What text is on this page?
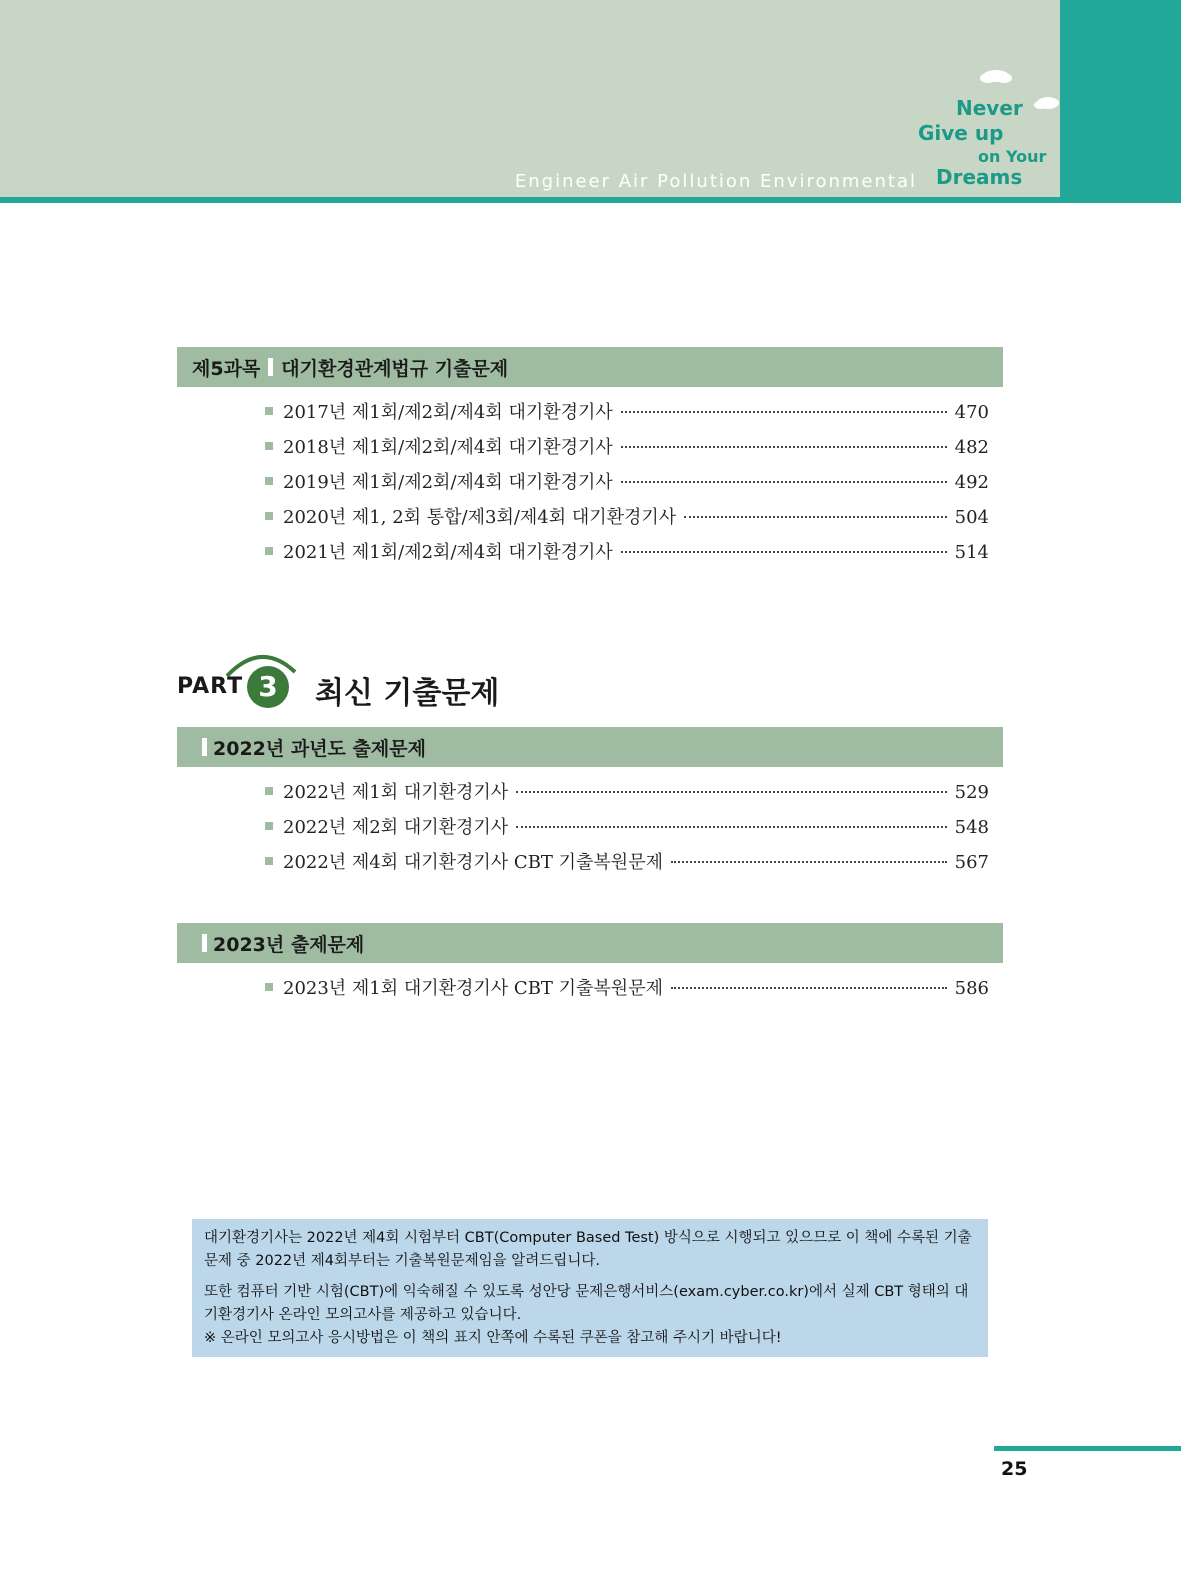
Engineer Air Pollution Environmental
Never
Give up
on Your
Dreams
제5과목 대기환경관계법규 기출문제
2017년 제1회/제2회/제4회 대기환경기사	470
2018년 제1회/제2회/제4회 대기환경기사	482
2019년 제1회/제2회/제4회 대기환경기사	492
2020년 제1, 2회 통합/제3회/제4회 대기환경기사	504
2021년 제1회/제2회/제4회 대기환경기사	514
PART 3	최신 기출문제
2022년 과년도 출제문제
2022년 제1회 대기환경기사	529
2022년 제2회 대기환경기사	548
2022년 제4회 대기환경기사 CBT 기출복원문제	567
2023년 출제문제
2023년 제1회 대기환경기사 CBT 기출복원문제	586

대기환경기사는 2022년 제4회 시험부터 CBT(Computer Based Test) 방식으로 시행되고 있으므로 이 책에 수록된 기출문제 중 2022년 제4회부터는 기출복원문제임을 알려드립니다.

또한 컴퓨터 기반 시험(CBT)에 익숙해질 수 있도록 성안당 문제은행서비스(exam.cyber.co.kr)에서 실제 CBT 형태의 대기환경기사 온라인 모의고사를 제공하고 있습니다.

※ 온라인 모의고사 응시방법은 이 책의 표지 안쪽에 수록된 쿠폰을 참고해 주시기 바랍니다!

25
